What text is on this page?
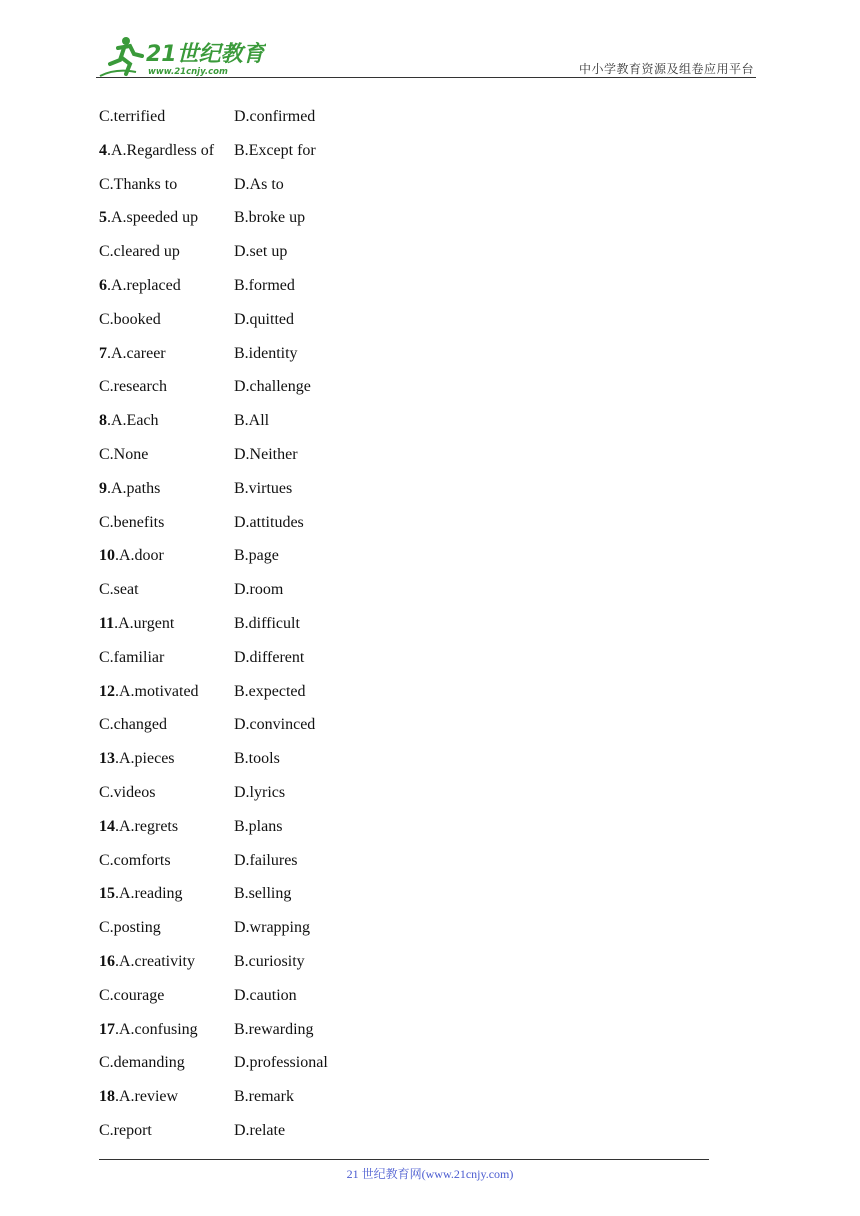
21世纪教育
www.21cnjy.com	中小学教育资源及组卷应用平台
C.terrified	D.confirmed
4.A.Regardless of B.Except for
C.Thanks to	D.As to
5.A.speeded up B.broke up
C.cleared up	D.set up
6.A.replaced	B.formed
C.booked	D.quitted
7.A.career	B.identity
C.research	D.challenge
8.A.Each	B.All
C.None	D.Neither
9.A.paths	B.virtues
C.benefits	D.attitudes
10.A.door	B.page
C.seat	D.room
11.A.urgent	B.difficult
C.familiar	D.different
12.A.motivated B.expected
C.changed	D.convinced
13.A.pieces	B.tools
C.videos	D.lyrics
14.A.regrets	B.plans
C.comforts	D.failures
15.A.reading	B.selling
C.posting	D.wrapping
16.A.creativity B.curiosity
C.courage	D.caution
17.A.confusing B.rewarding
C.demanding	D.professional
18.A.review	B.remark
C.report	D.relate
21 世纪教育网(www.21cnjy.com)
